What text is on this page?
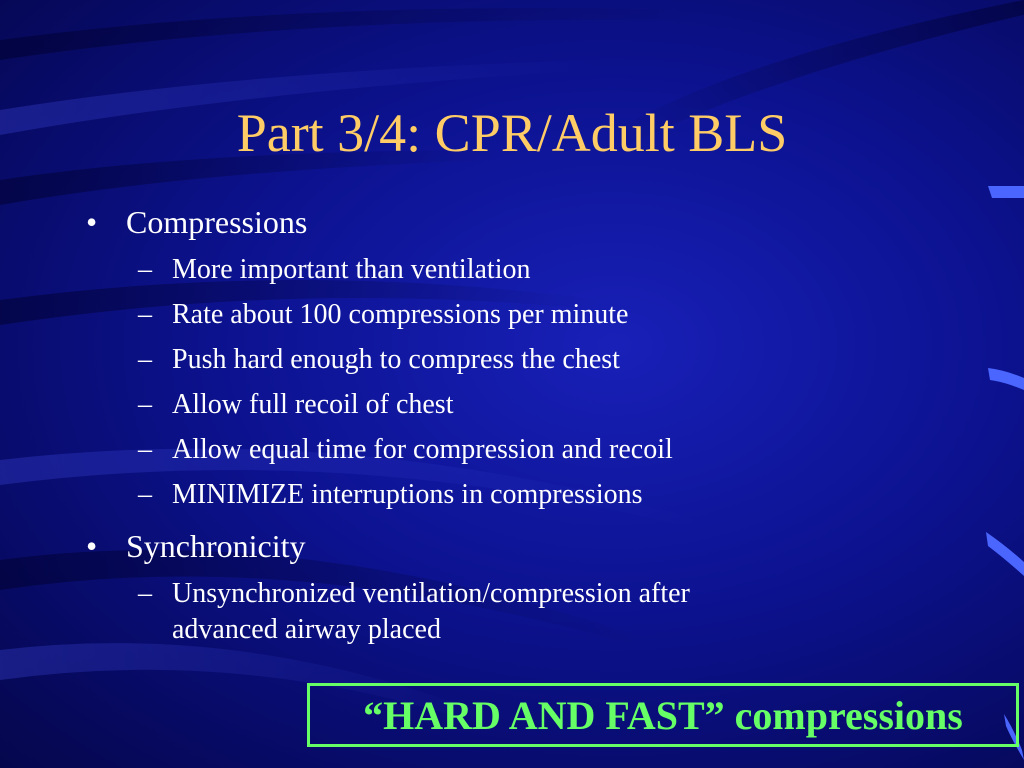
Part 3/4: CPR/Adult BLS
• Compressions
– More important than ventilation
– Rate about 100 compressions per minute
– Push hard enough to compress the chest
– Allow full recoil of chest
– Allow equal time for compression and recoil
– MINIMIZE interruptions in compressions
• Synchronicity
– Unsynchronized ventilation/compression after
advanced airway placed
“HARD AND FAST” compressions
